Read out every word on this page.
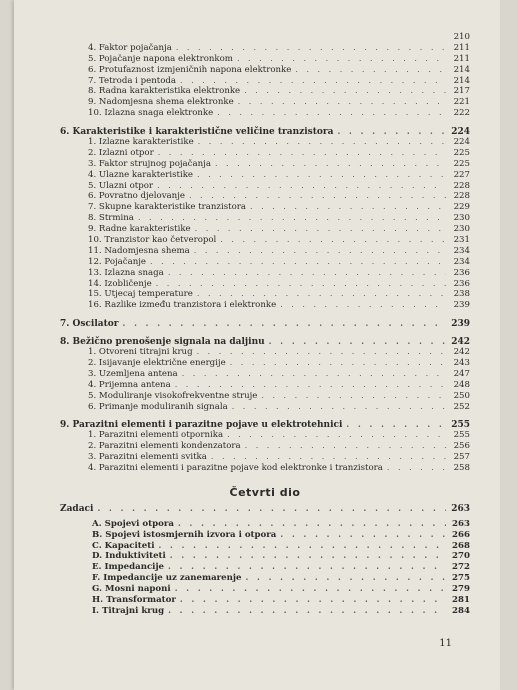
210
4. Faktor pojačanja . . .	211
5. Pojačanje napona elektronkom . . .	211
6. Protufaznost izmjeničnih napona elektronke . . .	214
7. Tetroda i pentoda . . .	214
8. Radna karakteristika elektronke . . .	217
9. Nadomjesna shema elektronke . . .	221
10. Izlazna snaga elektronke . . .	222
6. Karakteristike i karakteristične veličine tranzistora . . .	224
1. Izlazne karakteristike . . .	224
2. Izlazni otpor . . .	225
3. Faktor strujnog pojačanja . . .	225
4. Ulazne karakteristike . . .	227
5. Ulazni otpor . . .	228
6. Povratno djelovanje . . .	228
7. Skupne karakteristike tranzistora . . .	229
8. Strmina . . .	230
9. Radne karakteristike . . .	230
10. Tranzistor kao četveropol . . .	231
11. Nadomjesna shema . . .	234
12. Pojačanje . . .	234
13. Izlazna snaga . . .	236
14. Izobličenje . . .	236
15. Utjecaj temperature . . .	238
16. Razlike između tranzistora i elektronke . . .	239
7. Oscilator . . .	239
8. Bežično prenošenje signala na daljinu . . .	242
1. Otvoreni titrajni krug . . .	242
2. Isijavanje električne energije . . .	243
3. Uzemljena antena . . .	247
4. Prijemna antena . . .	248
5. Moduliranje visokofrekventne struje . . .	250
6. Primanje moduliranih signala . . .	252
9. Parazitni elementi i parazitne pojave u elektrotehnici . . .	255
1. Parazitni elementi otpornika . . .	255
2. Parazitni elementi kondenzatora . . .	256
3. Parazitni elementi svitka . . .	257
4. Parazitni elementi i parazitne pojave kod elektronke i tranzistora . . .	258
Četvrti dio
Zadaci . . .	263
A. Spojevi otpora . . .	263
B. Spojevi istosmjernih izvora i otpora . . .	266
C. Kapaciteti . . .	268
D. Induktiviteti . . .	270
E. Impedancije . . .	272
F. Impedancije uz zanemarenje . . .	275
G. Mosni naponi . . .	279
H. Transformator . . .	281
I. Titrajni krug . . .	284
11
